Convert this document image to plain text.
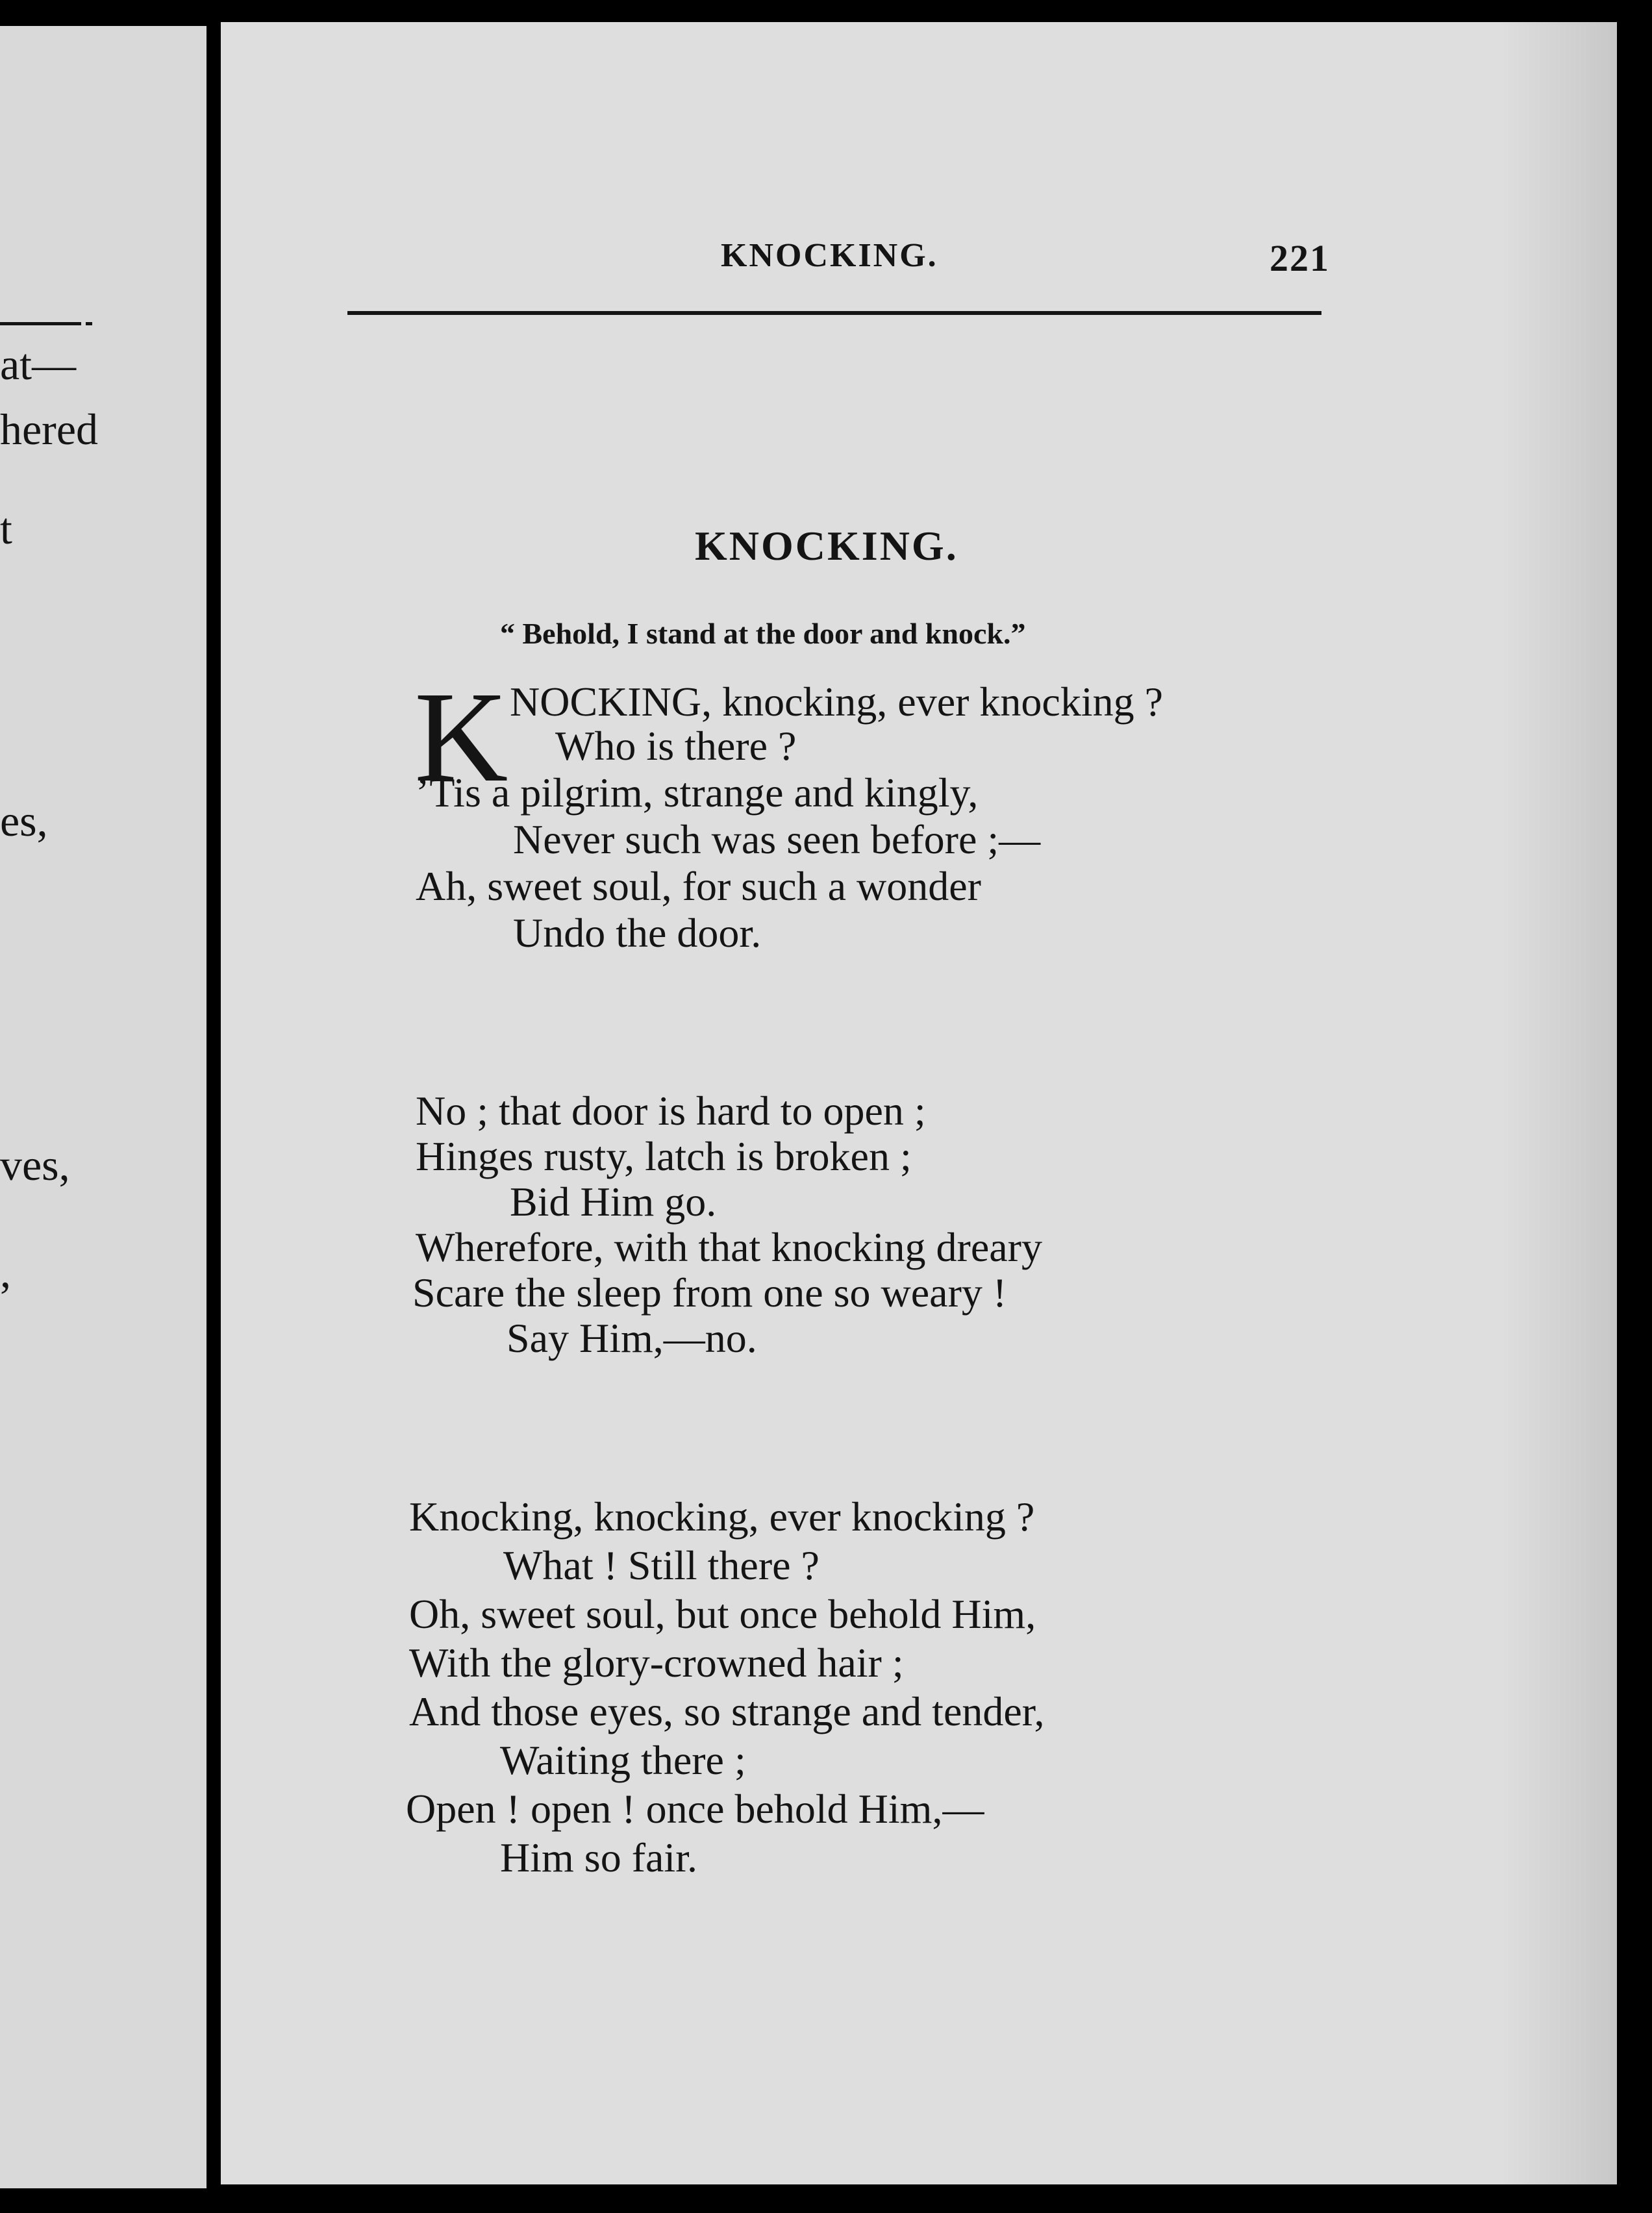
at—
hered
t
es,
ves,
,
KNOCKING.	221
KNOCKING.
“ Behold, I stand at the door and knock.”
K NOCKING, knocking, ever knocking ?
Who is there ?
’Tis a pilgrim, strange and kingly,
Never such was seen before ;—
Ah, sweet soul, for such a wonder
Undo the door.
No ; that door is hard to open ;
Hinges rusty, latch is broken ;
Bid Him go.
Wherefore, with that knocking dreary
Scare the sleep from one so weary !
Say Him,—no.
Knocking, knocking, ever knocking ?
What ! Still there ?
Oh, sweet soul, but once behold Him,
With the glory-crowned hair ;
And those eyes, so strange and tender,
Waiting there ;
Open ! open ! once behold Him,—
Him so fair.
